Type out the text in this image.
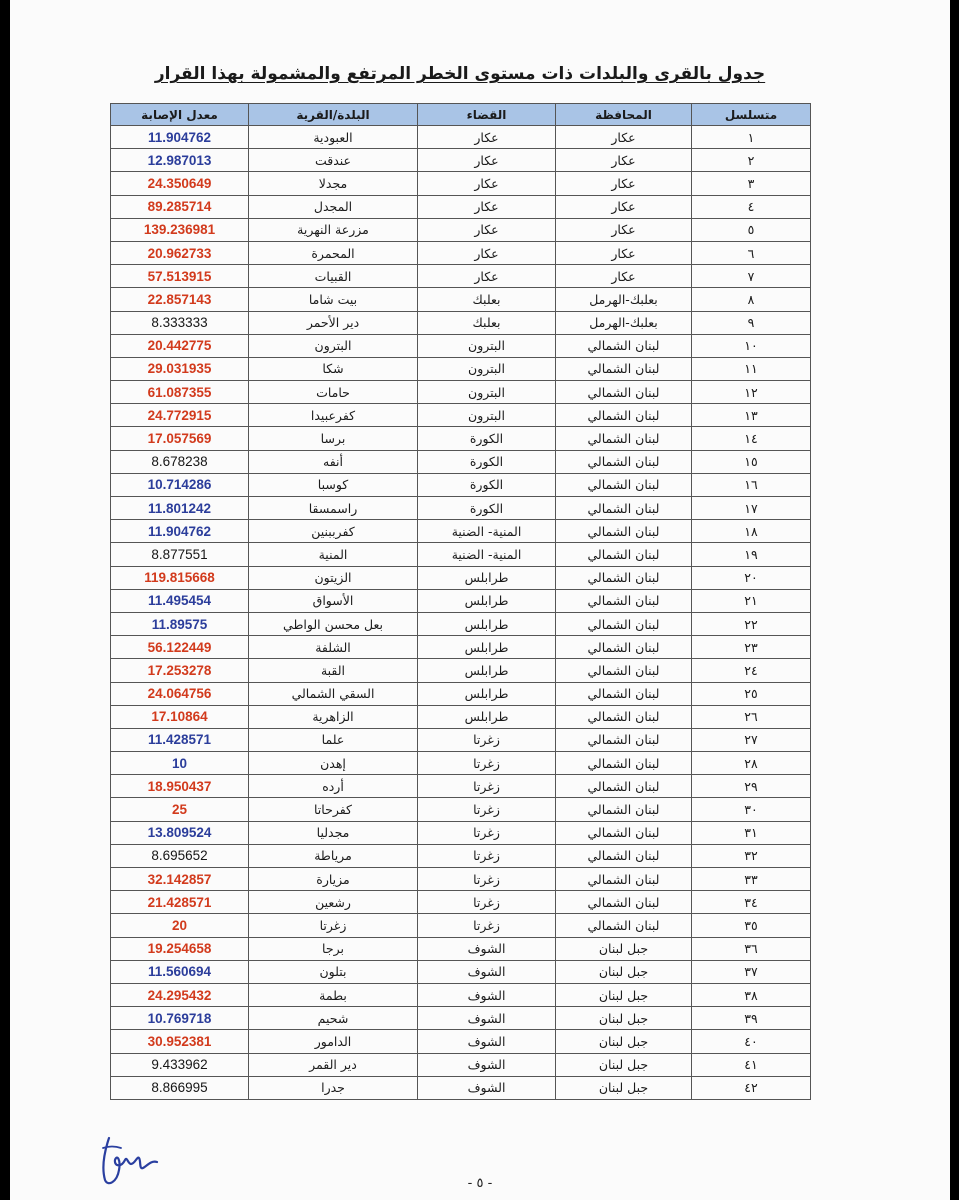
جدول بالقرى والبلدات ذات مستوى الخطر المرتفع والمشمولة بهذا القرار
متسلسل	المحافظة	القضاء	البلدة/القرية	معدل الإصابة
١	عكار	عكار	العبودية	11.904762
٢	عكار	عكار	عندقت	12.987013
٣	عكار	عكار	مجدلا	24.350649
٤	عكار	عكار	المجدل	89.285714
٥	عكار	عكار	مزرعة النهرية	139.236981
٦	عكار	عكار	المحمرة	20.962733
٧	عكار	عكار	القبيات	57.513915
٨	بعلبك-الهرمل	بعلبك	بيت شاما	22.857143
٩	بعلبك-الهرمل	بعلبك	دير الأحمر	8.333333
١٠	لبنان الشمالي	البترون	البترون	20.442775
١١	لبنان الشمالي	البترون	شكا	29.031935
١٢	لبنان الشمالي	البترون	حامات	61.087355
١٣	لبنان الشمالي	البترون	كفرعبيدا	24.772915
١٤	لبنان الشمالي	الكورة	برسا	17.057569
١٥	لبنان الشمالي	الكورة	أنفه	8.678238
١٦	لبنان الشمالي	الكورة	كوسبا	10.714286
١٧	لبنان الشمالي	الكورة	راسمسقا	11.801242
١٨	لبنان الشمالي	المنية- الضنية	كفرببنين	11.904762
١٩	لبنان الشمالي	المنية- الضنية	المنية	8.877551
٢٠	لبنان الشمالي	طرابلس	الزيتون	119.815668
٢١	لبنان الشمالي	طرابلس	الأسواق	11.495454
٢٢	لبنان الشمالي	طرابلس	بعل محسن الواطي	11.89575
٢٣	لبنان الشمالي	طرابلس	الشلفة	56.122449
٢٤	لبنان الشمالي	طرابلس	القبة	17.253278
٢٥	لبنان الشمالي	طرابلس	السقي الشمالي	24.064756
٢٦	لبنان الشمالي	طرابلس	الزاهرية	17.10864
٢٧	لبنان الشمالي	زغرتا	علما	11.428571
٢٨	لبنان الشمالي	زغرتا	إهدن	10
٢٩	لبنان الشمالي	زغرتا	أرده	18.950437
٣٠	لبنان الشمالي	زغرتا	كفرحاتا	25
٣١	لبنان الشمالي	زغرتا	مجدليا	13.809524
٣٢	لبنان الشمالي	زغرتا	مرياطة	8.695652
٣٣	لبنان الشمالي	زغرتا	مزيارة	32.142857
٣٤	لبنان الشمالي	زغرتا	رشعين	21.428571
٣٥	لبنان الشمالي	زغرتا	زغرتا	20
٣٦	جبل لبنان	الشوف	برجا	19.254658
٣٧	جبل لبنان	الشوف	بتلون	11.560694
٣٨	جبل لبنان	الشوف	بطمة	24.295432
٣٩	جبل لبنان	الشوف	شحيم	10.769718
٤٠	جبل لبنان	الشوف	الدامور	30.952381
٤١	جبل لبنان	الشوف	دير القمر	9.433962
٤٢	جبل لبنان	الشوف	جدرا	8.866995
- ٥ -
